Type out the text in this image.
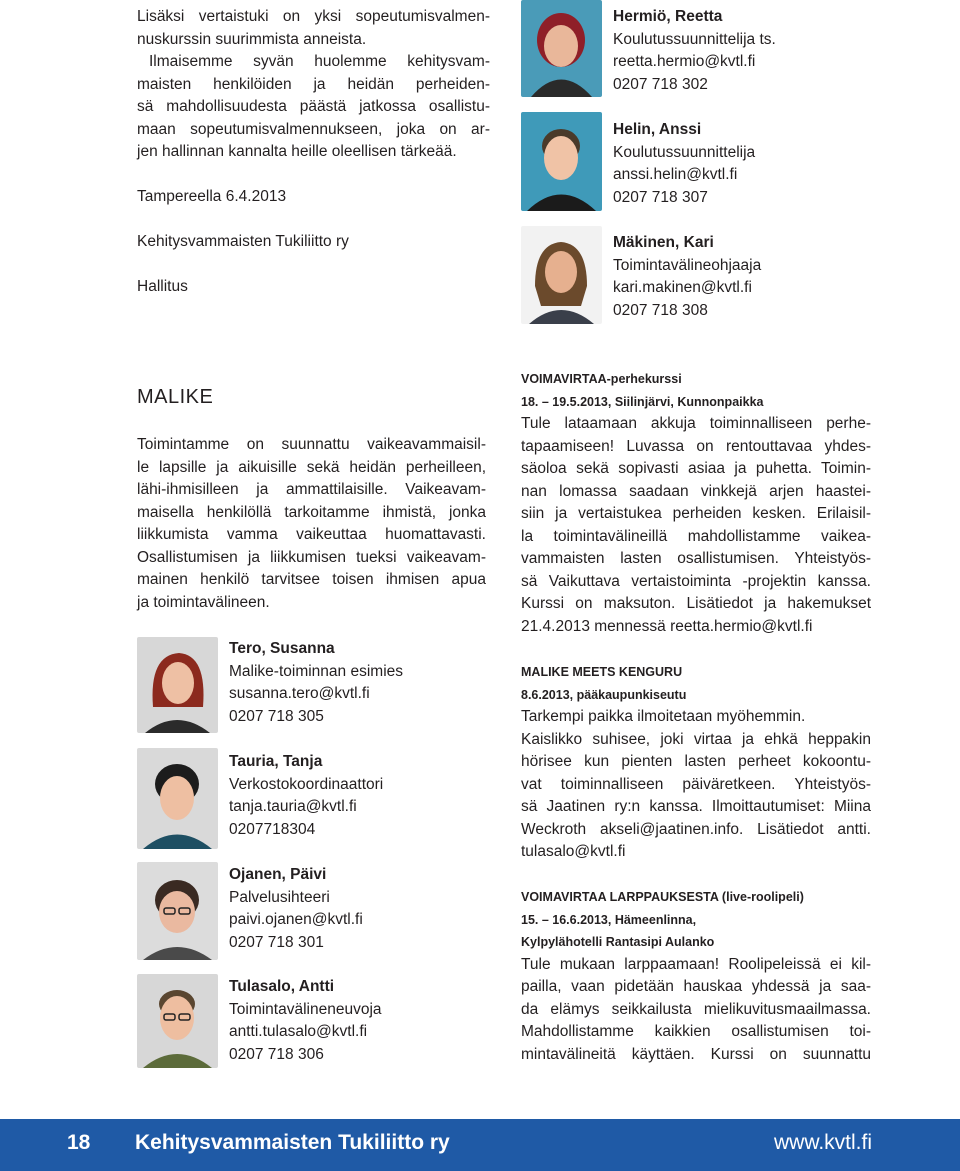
Lisäksi vertaistuki on yksi sopeutumisvalmen-
nuskurssin suurimmista anneista.
Ilmaisemme syvän huolemme kehitysvam-
maisten henkilöiden ja heidän perheiden-
sä mahdollisuudesta päästä jatkossa osallistu-
maan sopeutumisvalmennukseen, joka on ar-
jen hallinnan kannalta heille oleellisen tärkeää.
Tampereella 6.4.2013
Kehitysvammaisten Tukiliitto ry
Hallitus
Hermiö, Reetta
Koulutussuunnittelija ts.
reetta.hermio@kvtl.fi
0207 718 302
Helin, Anssi
Koulutussuunnittelija
anssi.helin@kvtl.fi
0207 718 307
Mäkinen, Kari
Toimintavälineohjaaja
kari.makinen@kvtl.fi
0207 718 308
MALIKE
Toimintamme on suunnattu vaikeavammaisil-
le lapsille ja aikuisille sekä heidän perheilleen,
lähi-ihmisilleen ja ammattilaisille. Vaikeavam-
maisella henkilöllä tarkoitamme ihmistä, jonka
liikkumista vamma vaikeuttaa huomattavasti.
Osallistumisen ja liikkumisen tueksi vaikeavam-
mainen henkilö tarvitsee toisen ihmisen apua
ja toimintavälineen.
Tero, Susanna
Malike-toiminnan esimies
susanna.tero@kvtl.fi
0207 718 305
Tauria, Tanja
Verkostokoordinaattori
tanja.tauria@kvtl.fi
0207718304
Ojanen, Päivi
Palvelusihteeri
paivi.ojanen@kvtl.fi
0207 718 301
Tulasalo, Antti
Toimintavälineneuvoja
antti.tulasalo@kvtl.fi
0207 718 306
VOIMAVIRTAA-perhekurssi
18. – 19.5.2013, Siilinjärvi, Kunnonpaikka
Tule lataamaan akkuja toiminnalliseen perhe-
tapaamiseen! Luvassa on rentouttavaa yhdes-
säoloa sekä sopivasti asiaa ja puhetta. Toimin-
nan lomassa saadaan vinkkejä arjen haastei-
siin ja vertaistukea perheiden kesken. Erilaisil-
la toimintavälineillä mahdollistamme vaikea-
vammaisten lasten osallistumisen. Yhteistyös-
sä Vaikuttava vertaistoiminta -projektin kanssa.
Kurssi on maksuton. Lisätiedot ja hakemukset
21.4.2013 mennessä reetta.hermio@kvtl.fi
MALIKE MEETS KENGURU
8.6.2013, pääkaupunkiseutu
Tarkempi paikka ilmoitetaan myöhemmin.
Kaislikko suhisee, joki virtaa ja ehkä heppakin
hörisee kun pienten lasten perheet kokoontu-
vat toiminnalliseen päiväretkeen. Yhteistyös-
sä Jaatinen ry:n kanssa. Ilmoittautumiset: Miina
Weckroth akseli@jaatinen.info. Lisätiedot antti.
tulasalo@kvtl.fi
VOIMAVIRTAA LARPPAUKSESTA (live-roolipeli)
15. – 16.6.2013, Hämeenlinna,
Kylpylähotelli Rantasipi Aulanko
Tule mukaan larppaamaan! Roolipeleissä ei kil-
pailla, vaan pidetään hauskaa yhdessä ja saa-
da elämys seikkailusta mielikuvitusmaailmassa.
Mahdollistamme kaikkien osallistumisen toi-
mintavälineitä käyttäen. Kurssi on suunnattu
18 Kehitysvammaisten Tukiliitto ry	www.kvtl.fi
